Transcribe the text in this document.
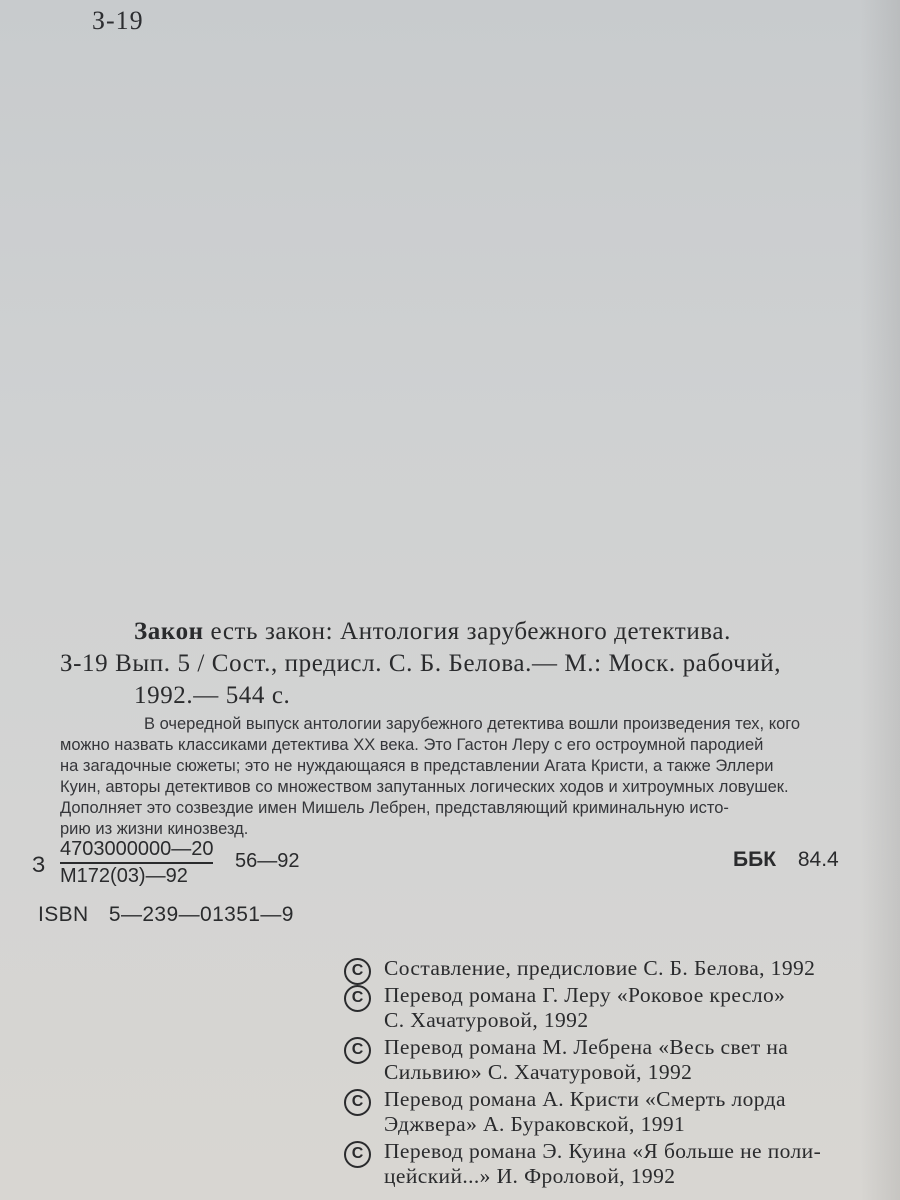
З-19
Закон есть закон: Антология зарубежного детектива.
З-19 Вып. 5 / Сост., предисл. С. Б. Белова.— М.: Моск. рабочий,
1992.— 544 с.
В очередной выпуск антологии зарубежного детектива вошли произведения тех, кого
можно назвать классиками детектива XX века. Это Гастон Леру с его остроумной пародией
на загадочные сюжеты; это не нуждающаяся в представлении Агата Кристи, а также Эллери
Куин, авторы детективов со множеством запутанных логических ходов и хитроумных ловушек.
Дополняет это созвездие имен Мишель Лебрен, представляющий криминальную исто-
рию из жизни кинозвезд.
З
4703000000—20
М172(03)—92
56—92	ББК 84.4
ISBN 5—239—01351—9
C Составление, предисловие С. Б. Белова, 1992
C Перевод романа Г. Леру «Роковое кресло»
С. Хачатуровой, 1992
C Перевод романа М. Лебрена «Весь свет на
Сильвию» С. Хачатуровой, 1992
C Перевод романа А. Кристи «Смерть лорда
Эджвера» А. Бураковской, 1991
C Перевод романа Э. Куина «Я больше не поли-
цейский...» И. Фроловой, 1992
